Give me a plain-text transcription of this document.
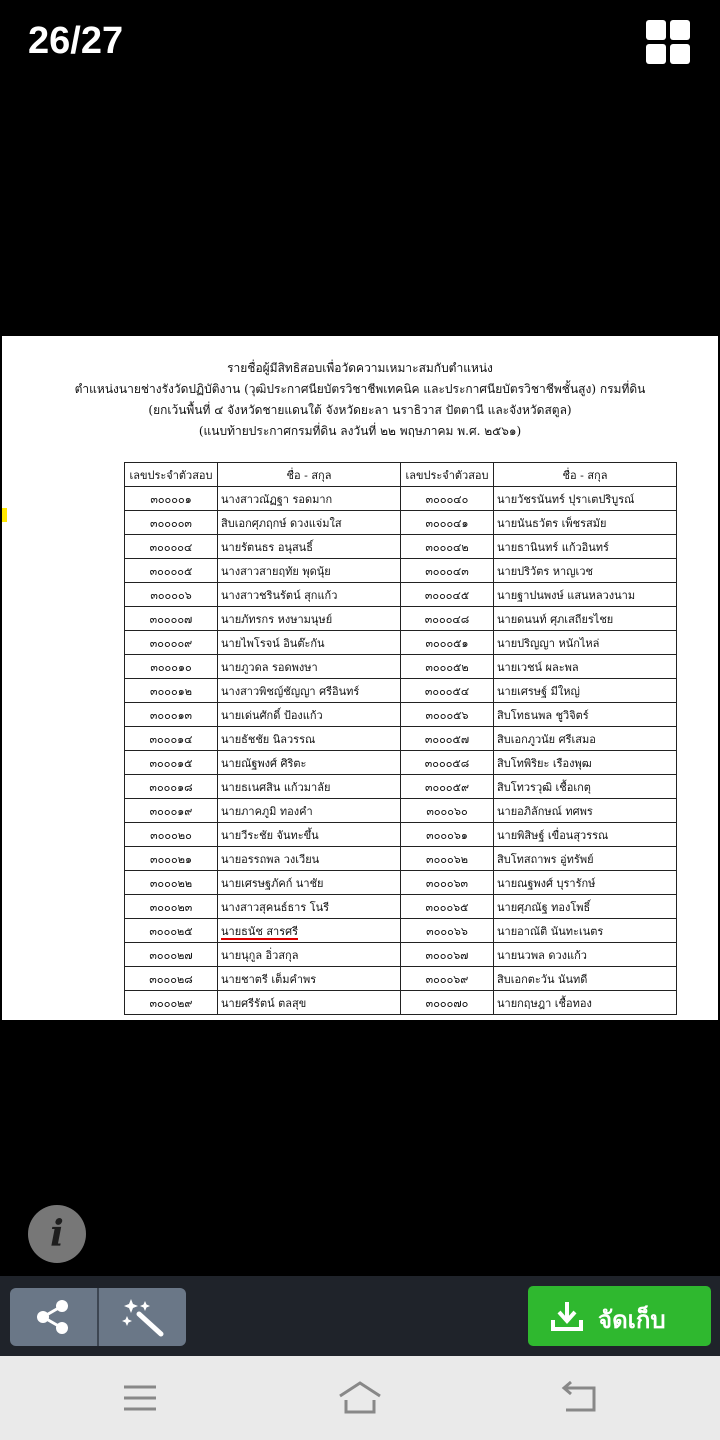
26/27
รายชื่อผู้มีสิทธิสอบเพื่อวัดความเหมาะสมกับตำแหน่ง
ตำแหน่งนายช่างรังวัดปฏิบัติงาน (วุฒิประกาศนียบัตรวิชาชีพเทคนิค และประกาศนียบัตรวิชาชีพชั้นสูง) กรมที่ดิน
(ยกเว้นพื้นที่ ๔ จังหวัดชายแดนใต้ จังหวัดยะลา นราธิวาส ปัตตานี และจังหวัดสตูล)
(แนบท้ายประกาศกรมที่ดิน ลงวันที่ ๒๒ พฤษภาคม พ.ศ. ๒๕๖๑)
เลขประจำตัวสอบ	ชื่อ - สกุล	เลขประจำตัวสอบ	ชื่อ - สกุล
๓๐๐๐๐๑	นางสาวณัฏฐา รอดมาก	๓๐๐๐๔๐	นายวัชรนันทร์ ปุราเตปริบูรณ์
๓๐๐๐๐๓	สิบเอกศุภฤกษ์ ดวงแจ่มใส	๓๐๐๐๔๑	นายนันธวัตร เพ็ชรสมัย
๓๐๐๐๐๔	นายรัตนธร อนุสนธิ์	๓๐๐๐๔๒	นายธานินทร์ แก้วอินทร์
๓๐๐๐๐๕	นางสาวสายฤทัย พุดนุ้ย	๓๐๐๐๔๓	นายปริวัตร หาญเวช
๓๐๐๐๐๖	นางสาวชรินรัตน์ สุกแก้ว	๓๐๐๐๔๕	นายฐาปนพงษ์ แสนหลวงนาม
๓๐๐๐๐๗	นายภัทรกร หงษามนุษย์	๓๐๐๐๔๘	นายดนนท์ ศุภเสถียรไชย
๓๐๐๐๐๙	นายไพโรจน์ อินต๊ะกัน	๓๐๐๐๕๑	นายปริญญา หนักไหล่
๓๐๐๐๑๐	นายภูวดล รอดพงษา	๓๐๐๐๕๒	นายเวชน์ ผละพล
๓๐๐๐๑๒	นางสาวพิชญ์ชัญญา ศรีอินทร์	๓๐๐๐๕๔	นายเศรษฐ์ มีใหญ่
๓๐๐๐๑๓	นายเด่นศักดิ์ ป้องแก้ว	๓๐๐๐๕๖	สิบโทธนพล ชูวิจิตร์
๓๐๐๐๑๔	นายธัชชัย นิลวรรณ	๓๐๐๐๕๗	สิบเอกภูวนัย ศรีเสมอ
๓๐๐๐๑๕	นายณัฐพงศ์ ศิริตะ	๓๐๐๐๕๘	สิบโทพิริยะ เรืองพุฒ
๓๐๐๐๑๘	นายธเนศสิน แก้วมาลัย	๓๐๐๐๕๙	สิบโทวรวุฒิ เชื้อเกตุ
๓๐๐๐๑๙	นายภาคภูมิ ทองคำ	๓๐๐๐๖๐	นายอภิลักษณ์ ทศพร
๓๐๐๐๒๐	นายวีระชัย จันทะขึ้น	๓๐๐๐๖๑	นายพิสิษฐ์ เขื่อนสุวรรณ
๓๐๐๐๒๑	นายอรรถพล วงเวียน	๓๐๐๐๖๒	สิบโทสถาพร อู่ทรัพย์
๓๐๐๐๒๒	นายเศรษฐภัคก์ นาชัย	๓๐๐๐๖๓	นายณฐพงศ์ บุรารักษ์
๓๐๐๐๒๓	นางสาวสุคนธ์ธาร โนรี	๓๐๐๐๖๕	นายศุภณัฐ ทองโพธิ์
๓๐๐๐๒๕	นายธนัช สารศรี	๓๐๐๐๖๖	นายอาณัติ นันทะเนตร
๓๐๐๐๒๗	นายนุกูล อิ่วสกุล	๓๐๐๐๖๗	นายนวพล ดวงแก้ว
๓๐๐๐๒๘	นายชาตรี เต็มคำพร	๓๐๐๐๖๙	สิบเอกตะวัน นันทดี
๓๐๐๐๒๙	นายศรีรัตน์ ตลสุข	๓๐๐๐๗๐	นายกฤษฎา เชื้อทอง
i
จัดเก็บ
